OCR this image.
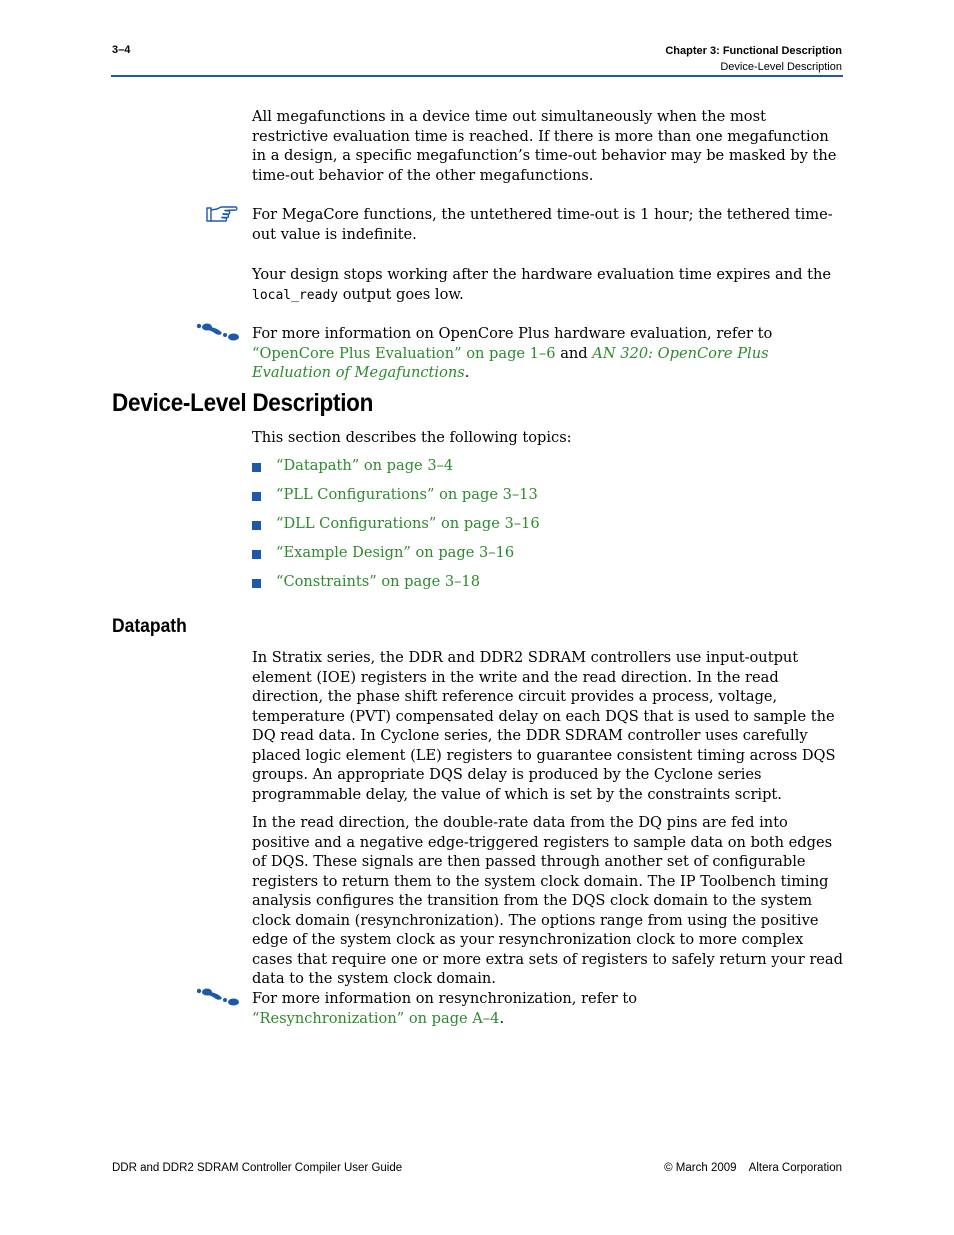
3–4	Chapter 3: Functional Description
Device-Level Description

All megafunctions in a device time out simultaneously when the most restrictive evaluation time is reached. If there is more than one megafunction in a design, a specific megafunction’s time-out behavior may be masked by the time-out behavior of the other megafunctions.

For MegaCore functions, the untethered time-out is 1 hour; the tethered time-out value is indefinite.

Your design stops working after the hardware evaluation time expires and the local_ready output goes low.

For more information on OpenCore Plus hardware evaluation, refer to “OpenCore Plus Evaluation” on page 1–6 and AN 320: OpenCore Plus Evaluation of Megafunctions.

Device-Level Description

This section describes the following topics:

“Datapath” on page 3–4
“PLL Configurations” on page 3–13
“DLL Configurations” on page 3–16
“Example Design” on page 3–16
“Constraints” on page 3–18
Datapath

In Stratix series, the DDR and DDR2 SDRAM controllers use input-output element (IOE) registers in the write and the read direction. In the read direction, the phase shift reference circuit provides a process, voltage, temperature (PVT) compensated delay on each DQS that is used to sample the DQ read data. In Cyclone series, the DDR SDRAM controller uses carefully placed logic element (LE) registers to guarantee consistent timing across DQS groups. An appropriate DQS delay is produced by the Cyclone series programmable delay, the value of which is set by the constraints script.

In the read direction, the double-rate data from the DQ pins are fed into positive and a negative edge-triggered registers to sample data on both edges of DQS. These signals are then passed through another set of configurable registers to return them to the system clock domain. The IP Toolbench timing analysis configures the transition from the DQS clock domain to the system clock domain (resynchronization). The options range from using the positive edge of the system clock as your resynchronization clock to more complex cases that require one or more extra sets of registers to safely return your read data to the system clock domain.

For more information on resynchronization, refer to “Resynchronization” on page A–4.

DDR and DDR2 SDRAM Controller Compiler User Guide	© March 2009    Altera Corporation
